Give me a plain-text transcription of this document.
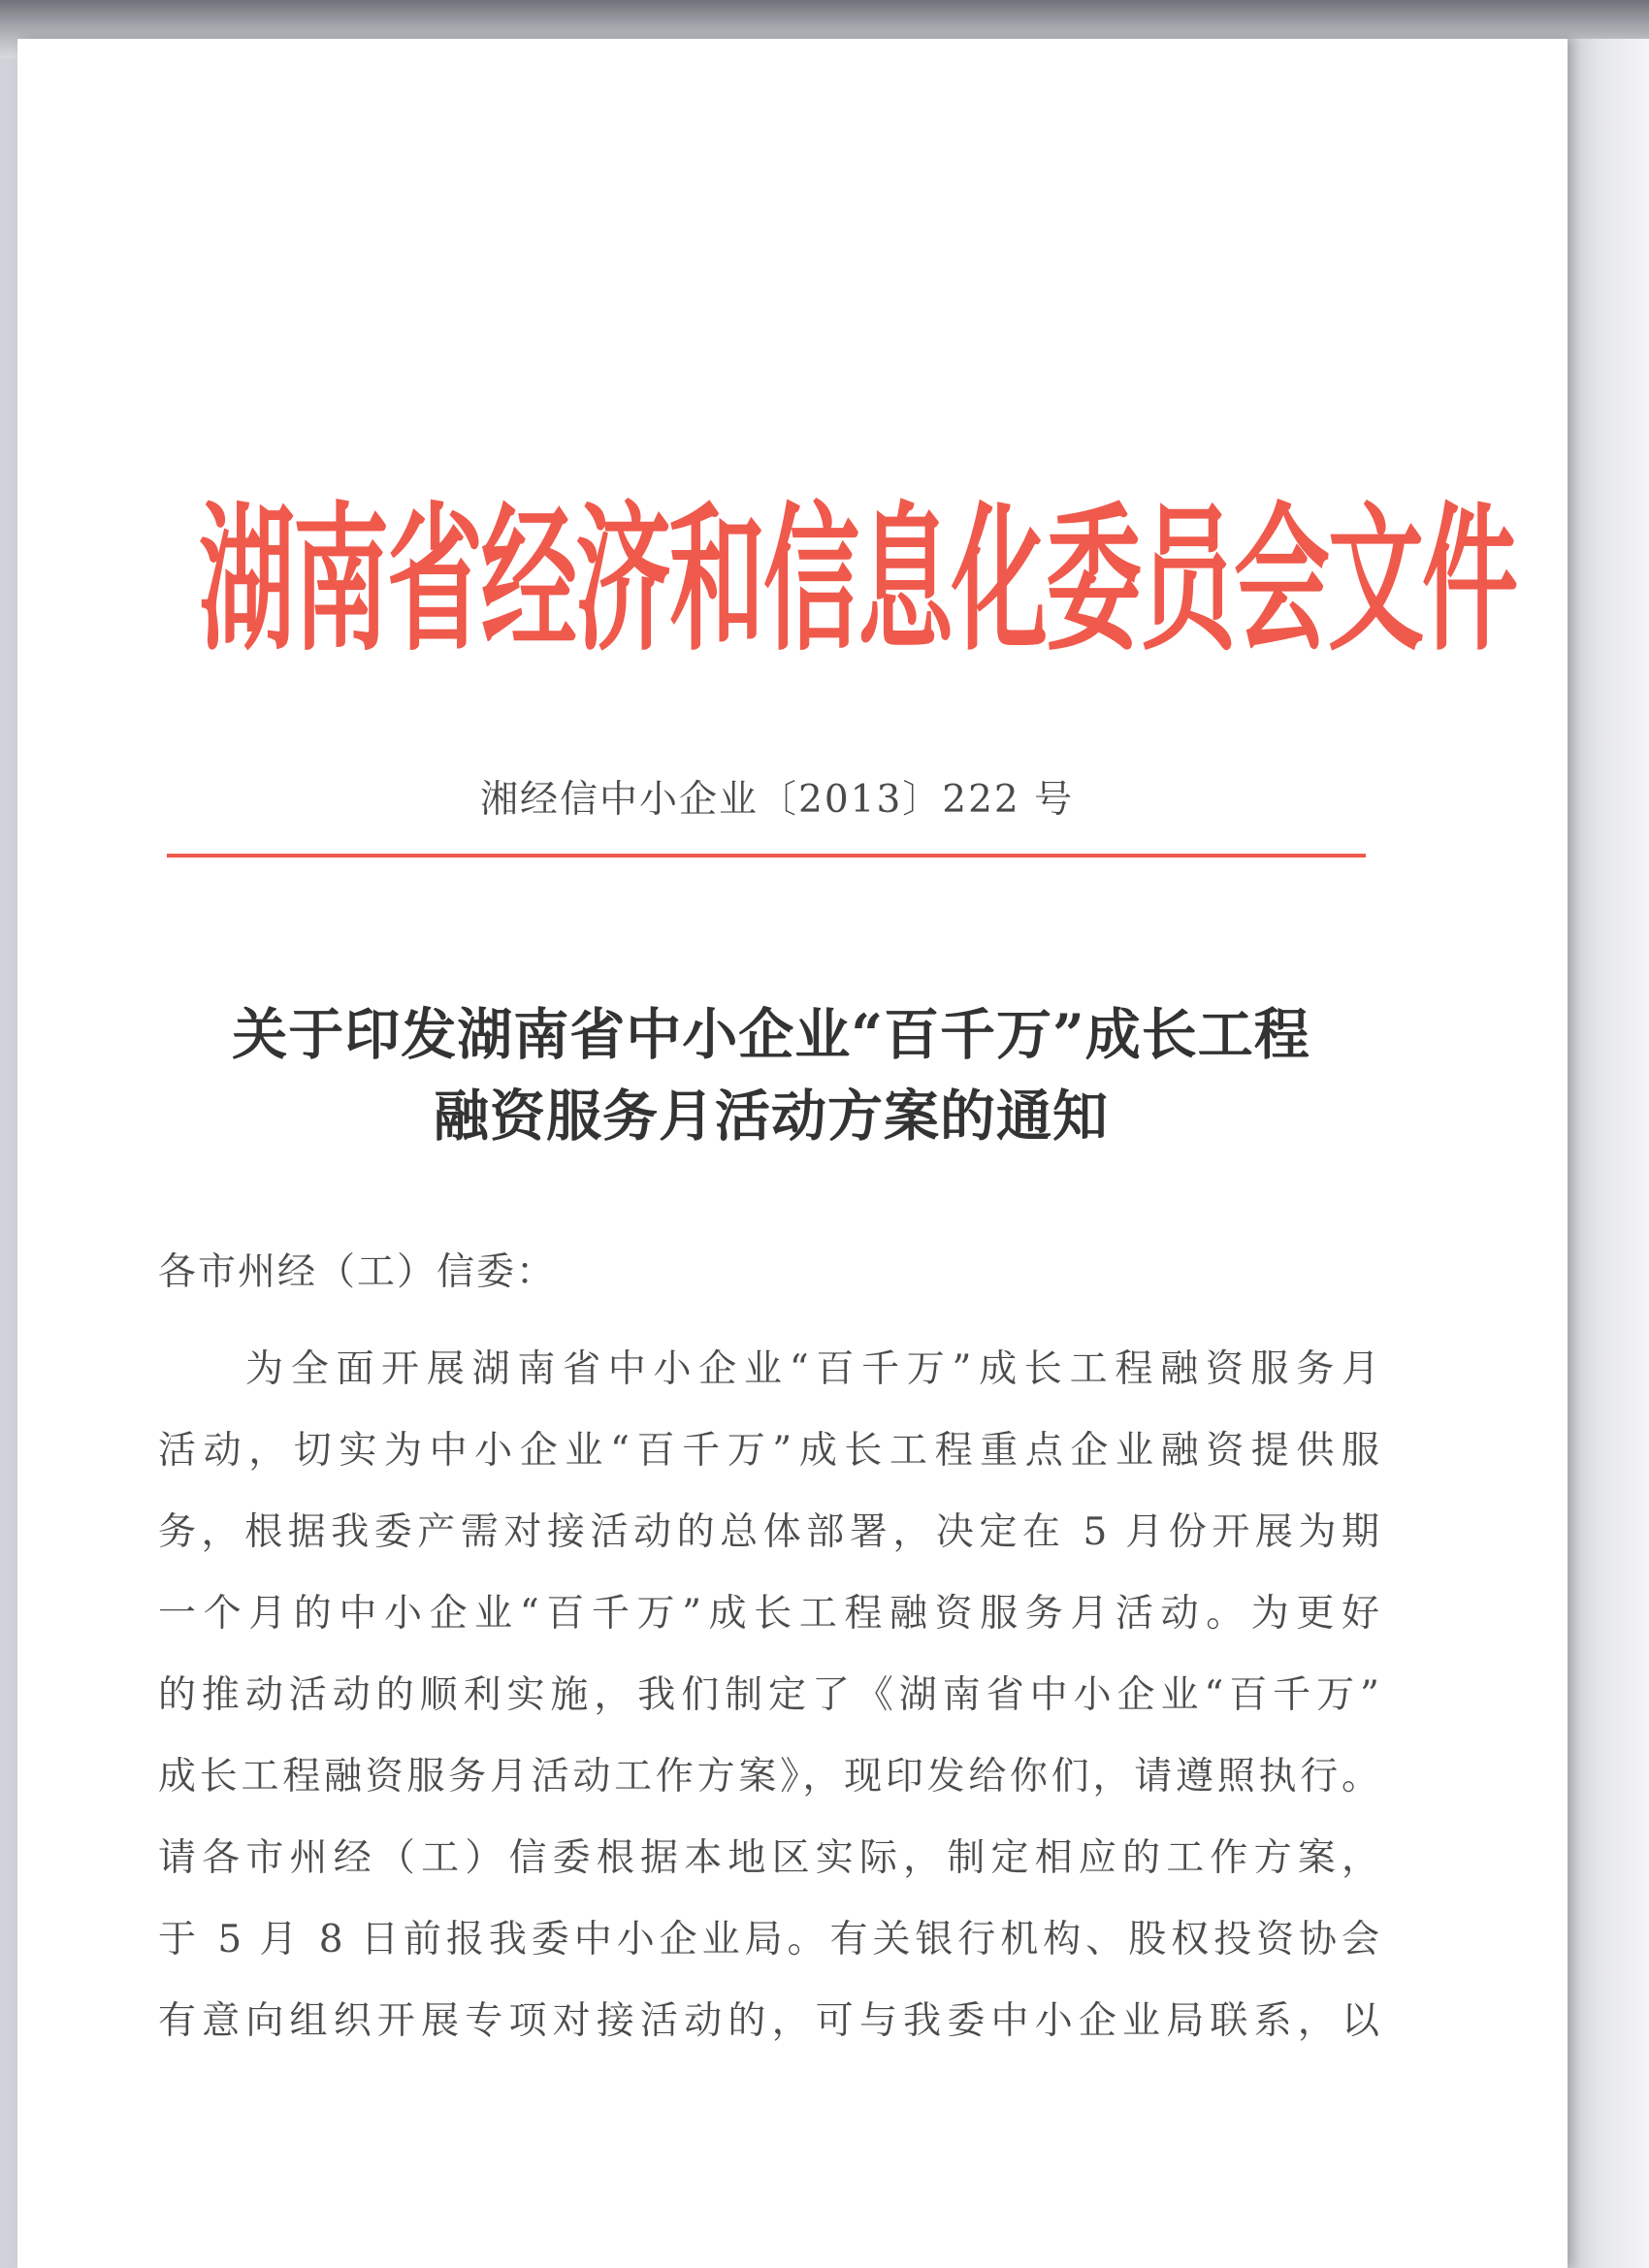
湖南省经济和信息化委员会文件
湘经信中小企业〔2013〕222 号
关于印发湖南省中小企业“百千万”成长工程
融资服务月活动方案的通知
各市州经（工）信委：
为全面开展湖南省中小企业“百千万”成长工程融资服务月
活动，切实为中小企业“百千万”成长工程重点企业融资提供服
务，根据我委产需对接活动的总体部署，决定在 5 月份开展为期
一个月的中小企业“百千万”成长工程融资服务月活动。为更好
的推动活动的顺利实施，我们制定了《湖南省中小企业“百千万”
成长工程融资服务月活动工作方案》，现印发给你们，请遵照执行。
请各市州经（工）信委根据本地区实际，制定相应的工作方案，
于 5 月 8 日前报我委中小企业局。有关银行机构、股权投资协会
有意向组织开展专项对接活动的，可与我委中小企业局联系，以
